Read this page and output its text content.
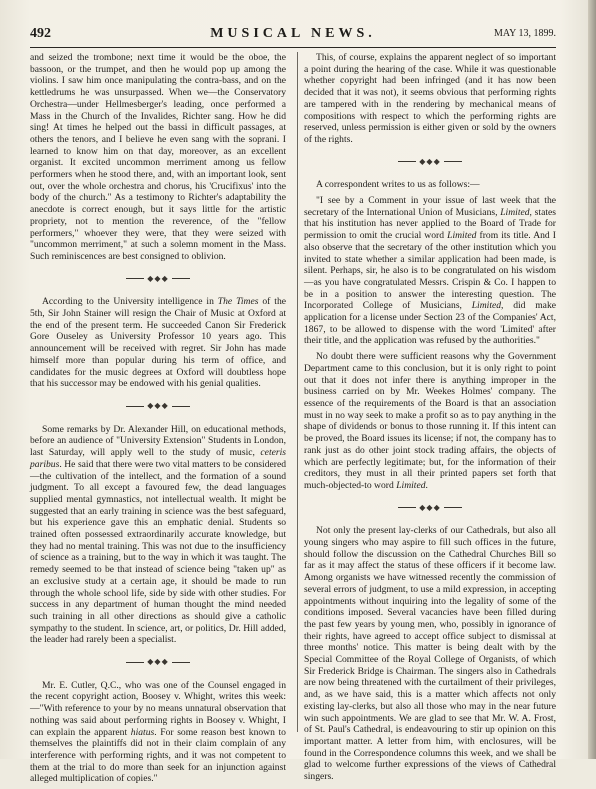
492	MUSICAL NEWS.	MAY 13, 1899.

and seized the trombone; next time it would be the oboe, the bassoon, or the trumpet, and then he would pop up among the violins. I saw him once manipulating the contra-bass, and on the kettledrums he was unsurpassed. When we—the Conservatory Orchestra—under Hellmesberger's leading, once performed a Mass in the Church of the Invalides, Richter sang. How he did sing! At times he helped out the bassi in difficult passages, at others the tenors, and I believe he even sang with the soprani. I learned to know him on that day, moreover, as an excellent organist. It excited uncommon merriment among us fellow performers when he stood there, and, with an important look, sent out, over the whole orchestra and chorus, his 'Crucifixus' into the body of the church." As a testimony to Richter's adaptability the anecdote is correct enough, but it says little for the artistic propriety, not to mention the reverence, of the "fellow performers," whoever they were, that they were seized with "uncommon merriment," at such a solemn moment in the Mass. Such reminiscences are best consigned to oblivion.

◆◆◆

According to the University intelligence in The Times of the 5th, Sir John Stainer will resign the Chair of Music at Oxford at the end of the present term. He succeeded Canon Sir Frederick Gore Ouseley as University Professor 10 years ago. This announcement will be received with regret. Sir John has made himself more than popular during his term of office, and candidates for the music degrees at Oxford will doubtless hope that his successor may be endowed with his genial qualities.

◆◆◆

Some remarks by Dr. Alexander Hill, on educational methods, before an audience of "University Extension" Students in London, last Saturday, will apply well to the study of music, ceteris paribus. He said that there were two vital matters to be considered—the cultivation of the intellect, and the formation of a sound judgment. To all except a favoured few, the dead languages supplied mental gymnastics, not intellectual wealth. It might be suggested that an early training in science was the best safeguard, but his experience gave this an emphatic denial. Students so trained often possessed extraordinarily accurate knowledge, but they had no mental training. This was not due to the insufficiency of science as a training, but to the way in which it was taught. The remedy seemed to be that instead of science being "taken up" as an exclusive study at a certain age, it should be made to run through the whole school life, side by side with other studies. For success in any department of human thought the mind needed such training in all other directions as should give a catholic sympathy to the student. In science, art, or politics, Dr. Hill added, the leader had rarely been a specialist.

◆◆◆

Mr. E. Cutler, Q.C., who was one of the Counsel engaged in the recent copyright action, Boosey v. Whight, writes this week:—"With reference to your by no means unnatural observation that nothing was said about performing rights in Boosey v. Whight, I can explain the apparent hiatus. For some reason best known to themselves the plaintiffs did not in their claim complain of any interference with performing rights, and it was not competent to them at the trial to do more than seek for an injunction against alleged multiplication of copies."

This, of course, explains the apparent neglect of so important a point during the hearing of the case. While it was questionable whether copyright had been infringed (and it has now been decided that it was not), it seems obvious that performing rights are tampered with in the rendering by mechanical means of compositions with respect to which the performing rights are reserved, unless permission is either given or sold by the owners of the rights.

◆◆◆

A correspondent writes to us as follows:—

"I see by a Comment in your issue of last week that the secretary of the International Union of Musicians, Limited, states that his institution has never applied to the Board of Trade for permission to omit the crucial word Limited from its title. And I also observe that the secretary of the other institution which you invited to state whether a similar application had been made, is silent. Perhaps, sir, he also is to be congratulated on his wisdom—as you have congratulated Messrs. Crispin & Co. I happen to be in a position to answer the interesting question. The Incorporated College of Musicians, Limited, did make application for a license under Section 23 of the Companies' Act, 1867, to be allowed to dispense with the word 'Limited' after their title, and the application was refused by the authorities."

No doubt there were sufficient reasons why the Government Department came to this conclusion, but it is only right to point out that it does not infer there is anything improper in the business carried on by Mr. Weekes Holmes' company. The essence of the requirements of the Board is that an association must in no way seek to make a profit so as to pay anything in the shape of dividends or bonus to those running it. If this intent can be proved, the Board issues its license; if not, the company has to rank just as do other joint stock trading affairs, the objects of which are perfectly legitimate; but, for the information of their creditors, they must in all their printed papers set forth that much-objected-to word Limited.

◆◆◆

Not only the present lay-clerks of our Cathedrals, but also all young singers who may aspire to fill such offices in the future, should follow the discussion on the Cathedral Churches Bill so far as it may affect the status of these officers if it become law. Among organists we have witnessed recently the commission of several errors of judgment, to use a mild expression, in accepting appointments without inquiring into the legality of some of the conditions imposed. Several vacancies have been filled during the past few years by young men, who, possibly in ignorance of their rights, have agreed to accept office subject to dismissal at three months' notice. This matter is being dealt with by the Special Committee of the Royal College of Organists, of which Sir Frederick Bridge is Chairman. The singers also in Cathedrals are now being threatened with the curtailment of their privileges, and, as we have said, this is a matter which affects not only existing lay-clerks, but also all those who may in the near future win such appointments. We are glad to see that Mr. W. A. Frost, of St. Paul's Cathedral, is endeavouring to stir up opinion on this important matter. A letter from him, with enclosures, will be found in the Correspondence columns this week, and we shall be glad to welcome further expressions of the views of Cathedral singers.
